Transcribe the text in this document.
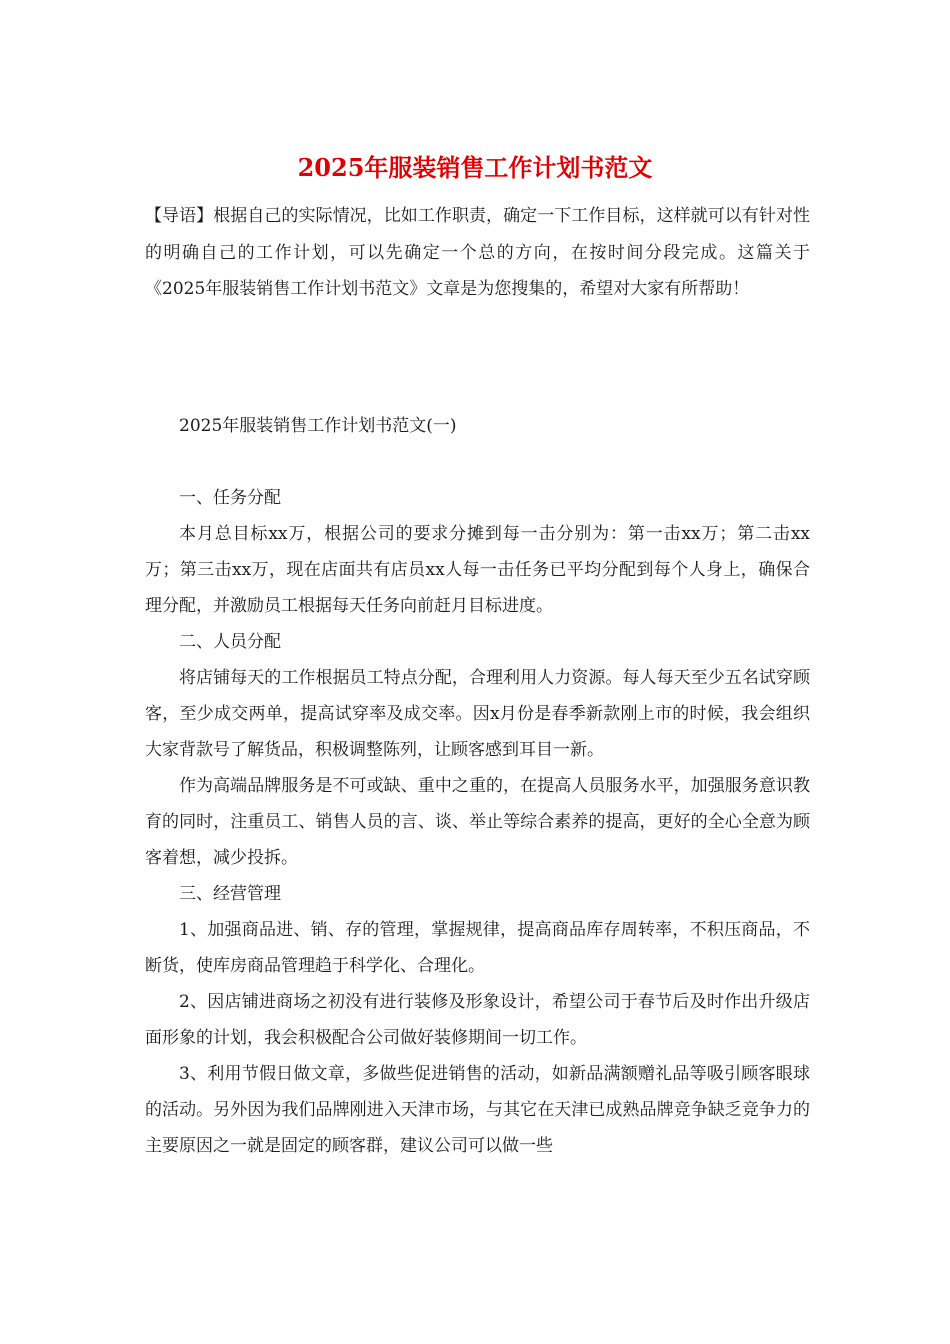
2025年服装销售工作计划书范文

【导语】根据自己的实际情况，比如工作职责，确定一下工作目标，这样就可以有针对性的明确自己的工作计划，可以先确定一个总的方向，在按时间分段完成。这篇关于《2025年服装销售工作计划书范文》文章是为您搜集的，希望对大家有所帮助！

2025年服装销售工作计划书范文(一)

一、任务分配

本月总目标xx万，根据公司的要求分摊到每一击分别为：第一击xx万；第二击xx万；第三击xx万，现在店面共有店员xx人每一击任务已平均分配到每个人身上，确保合理分配，并激励员工根据每天任务向前赶月目标进度。

二、人员分配

将店铺每天的工作根据员工特点分配，合理利用人力资源。每人每天至少五名试穿顾客，至少成交两单，提高试穿率及成交率。因x月份是春季新款刚上市的时候，我会组织大家背款号了解货品，积极调整陈列，让顾客感到耳目一新。

作为高端品牌服务是不可或缺、重中之重的，在提高人员服务水平，加强服务意识教育的同时，注重员工、销售人员的言、谈、举止等综合素养的提高，更好的全心全意为顾客着想，减少投拆。

三、经营管理

1、加强商品进、销、存的管理，掌握规律，提高商品库存周转率，不积压商品，不断货，使库房商品管理趋于科学化、合理化。

2、因店铺进商场之初没有进行装修及形象设计，希望公司于春节后及时作出升级店面形象的计划，我会积极配合公司做好装修期间一切工作。

3、利用节假日做文章，多做些促进销售的活动，如新品满额赠礼品等吸引顾客眼球的活动。另外因为我们品牌刚进入天津市场，与其它在天津已成熟品牌竞争缺乏竞争力的主要原因之一就是固定的顾客群，建议公司可以做一些
